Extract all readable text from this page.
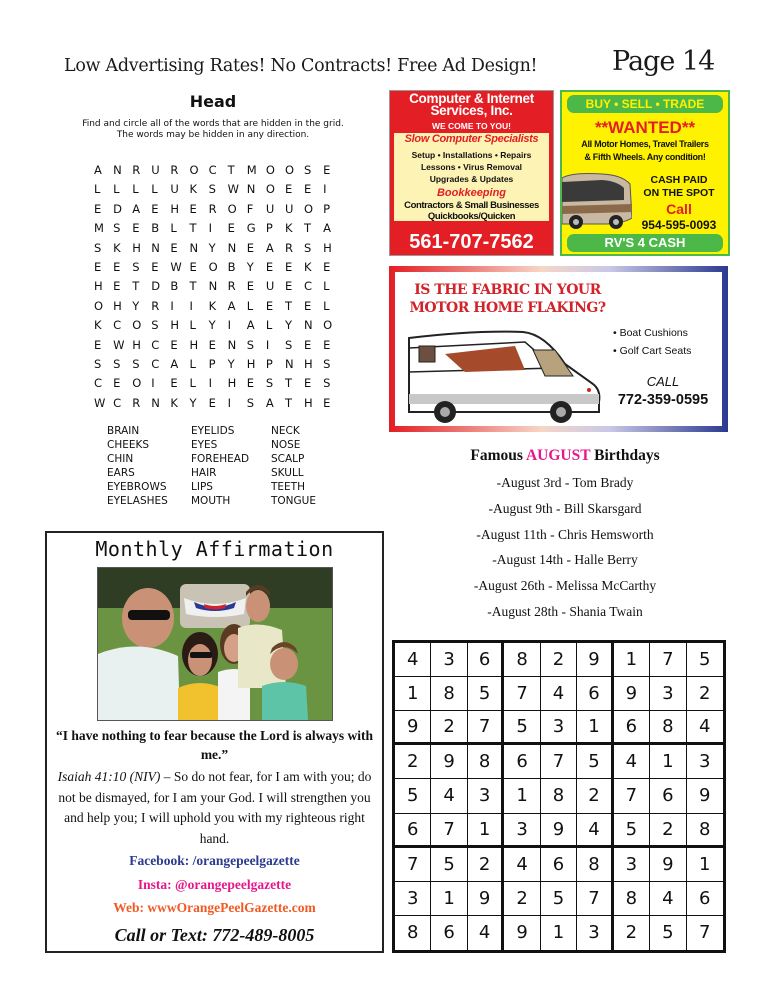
Low Advertising Rates! No Contracts! Free Ad Design!	Page 14
Head
Find and circle all of the words that are hidden in the grid.
The words may be hidden in any direction.
A N R U R O C T	M O O S	E
L	L	L	L	U K	S	W N O E	E	I
E	D A E	H E	R O F	U U O P
M S	E	B L	T	I	E	G P	K	T	A
S	K	H N E	N Y	N E	A R S	H
E	E	S	E	W E	O B Y	E	E	K	E
H E	T	D B T	N R E	U E	C L
O H Y	R I	I	K	A L	E	T	E	L
K	C O S	H L	Y	I	A L	Y	N O
E	W H C E	H E	N S	I	S	E	E
S	S	S	C A L	P	Y	H P	N H S
C E	O I	E	L	I	H E	S	T	E	S
W C R N K	Y	E	I	S	A T	H E
BRAIN	EYELIDS	NECK
CHEEKS	EYES	NOSE
CHIN	FOREHEAD	SCALP
EARS	HAIR	SKULL
EYEBROWS	LIPS	TEETH
EYELASHES	MOUTH	TONGUE
Computer & Internet
Services, Inc.
WE COME TO YOU!
Slow Computer Specialists
Setup • Installations • Repairs
Lessons • Virus Removal
Upgrades & Updates
Bookkeeping
Contractors & Small Businesses
Quickbooks/Quicken
561-707-7562
BUY • SELL • TRADE
**WANTED**
All Motor Homes, Travel Trailers
& Fifth Wheels. Any condition!
CASH PAID
ON THE SPOT
Call
954-595-0093
RV'S 4 CASH
IS THE FABRIC IN YOUR
MOTOR HOME FLAKING?
• Boat Cushions
• Golf Cart Seats
CALL
772-359-0595
Famous AUGUST Birthdays
-August 3rd - Tom Brady
-August 9th - Bill Skarsgard
-August 11th - Chris Hemsworth
-August 14th - Halle Berry
-August 26th - Melissa McCarthy
-August 28th - Shania Twain
Monthly Affirmation
“I have nothing to fear because the Lord is always with me.”
Isaiah 41:10 (NIV) – So do not fear, for I am with you; do not be dismayed, for I am your God. I will strengthen you and help you; I will uphold you with my righteous right hand.
Facebook: /orangepeelgazette
Insta: @orangepeelgazette
Web: wwwOrangePeelGazette.com
Call or Text: 772-489-8005
4	3	6	8	2	9	1	7	5
1	8	5	7	4	6	9	3	2
9	2	7	5	3	1	6	8	4
2	9	8	6	7	5	4	1	3
5	4	3	1	8	2	7	6	9
6	7	1	3	9	4	5	2	8
7	5	2	4	6	8	3	9	1
3	1	9	2	5	7	8	4	6
8	6	4	9	1	3	2	5	7
